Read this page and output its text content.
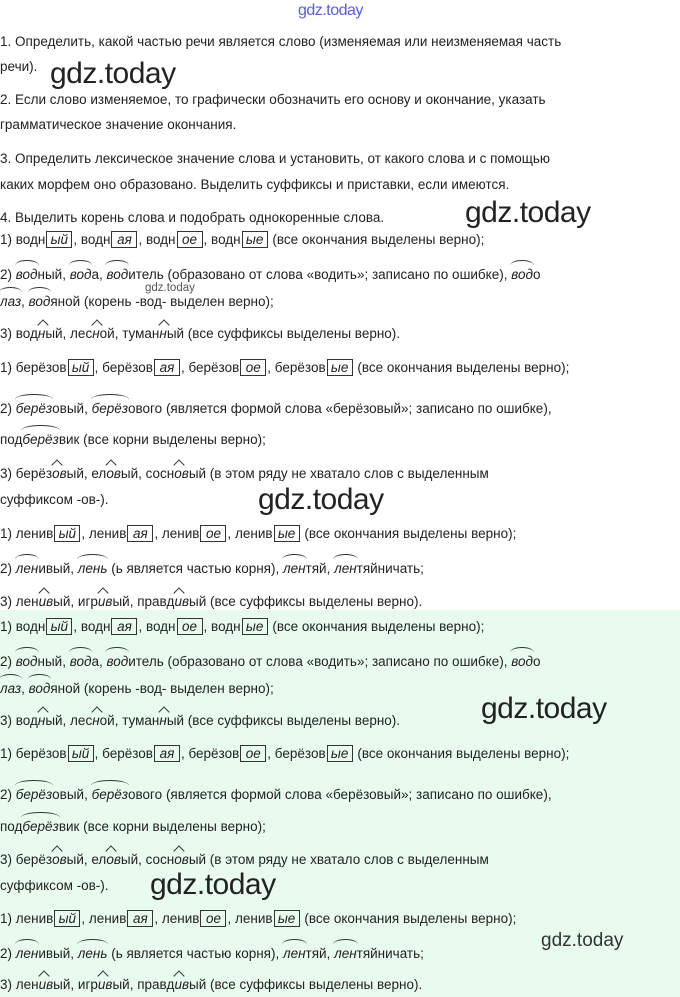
gdz.today
1. Определить, какой частью речи является слово (изменяемая или неизменяемая часть
речи). gdz.today
2. Если слово изменяемое, то графически обозначить его основу и окончание, указать
грамматическое значение окончания.
3. Определить лексическое значение слова и установить, от какого слова и с помощью
каких морфем оно образовано. Выделить суффиксы и приставки, если имеются.
4. Выделить корень слова и подобрать однокоренные слова.	gdz.today
1) водн ый , водн ая , водн ое , водн ые (все окончания выделены верно);
2) водный, вода, водитель (образовано от слова «водить»; записано по ошибке), водо
лаз, водяной (корень -вод- выделен верно);
gdz.today
3) водный, лесной, туманный (все суффиксы выделены верно).
1) берёзов ый , берёзов ая , берёзов ое , берёзов ые (все окончания выделены верно);
2) берёзовый, берёзового (является формой слова «берёзовый»; записано по ошибке),
подберёзвик (все корни выделены верно);
3) берёзовый, еловый, сосновый (в этом ряду не хватало слов с выделенным
суффиксом -ов-).	gdz.today
1) ленив ый , ленив ая , ленив ое , ленив ые (все окончания выделены верно);
2) ленивый, лень (ь является частью корня), лентяй, лентяйничать;
3) ленивый, игривый, правдивый (все суффиксы выделены верно).
1) водн ый , водн ая , водн ое , водн ые (все окончания выделены верно);
2) водный, вода, водитель (образовано от слова «водить»; записано по ошибке), водо
лаз, водяной (корень -вод- выделен верно);
3) водный, лесной, туманный (все суффиксы выделены верно).	gdz.today
1) берёзов ый , берёзов ая , берёзов ое , берёзов ые (все окончания выделены верно);
2) берёзовый, берёзового (является формой слова «берёзовый»; записано по ошибке),
подберёзвик (все корни выделены верно);
3) берёзовый, еловый, сосновый (в этом ряду не хватало слов с выделенным
суффиксом -ов-). gdz.today
1) ленив ый , ленив ая , ленив ое , ленив ые (все окончания выделены верно);
2) ленивый, лень (ь является частью корня), лентяй, лентяйничать;
gdz.today
3) ленивый, игривый, правдивый (все суффиксы выделены верно).
